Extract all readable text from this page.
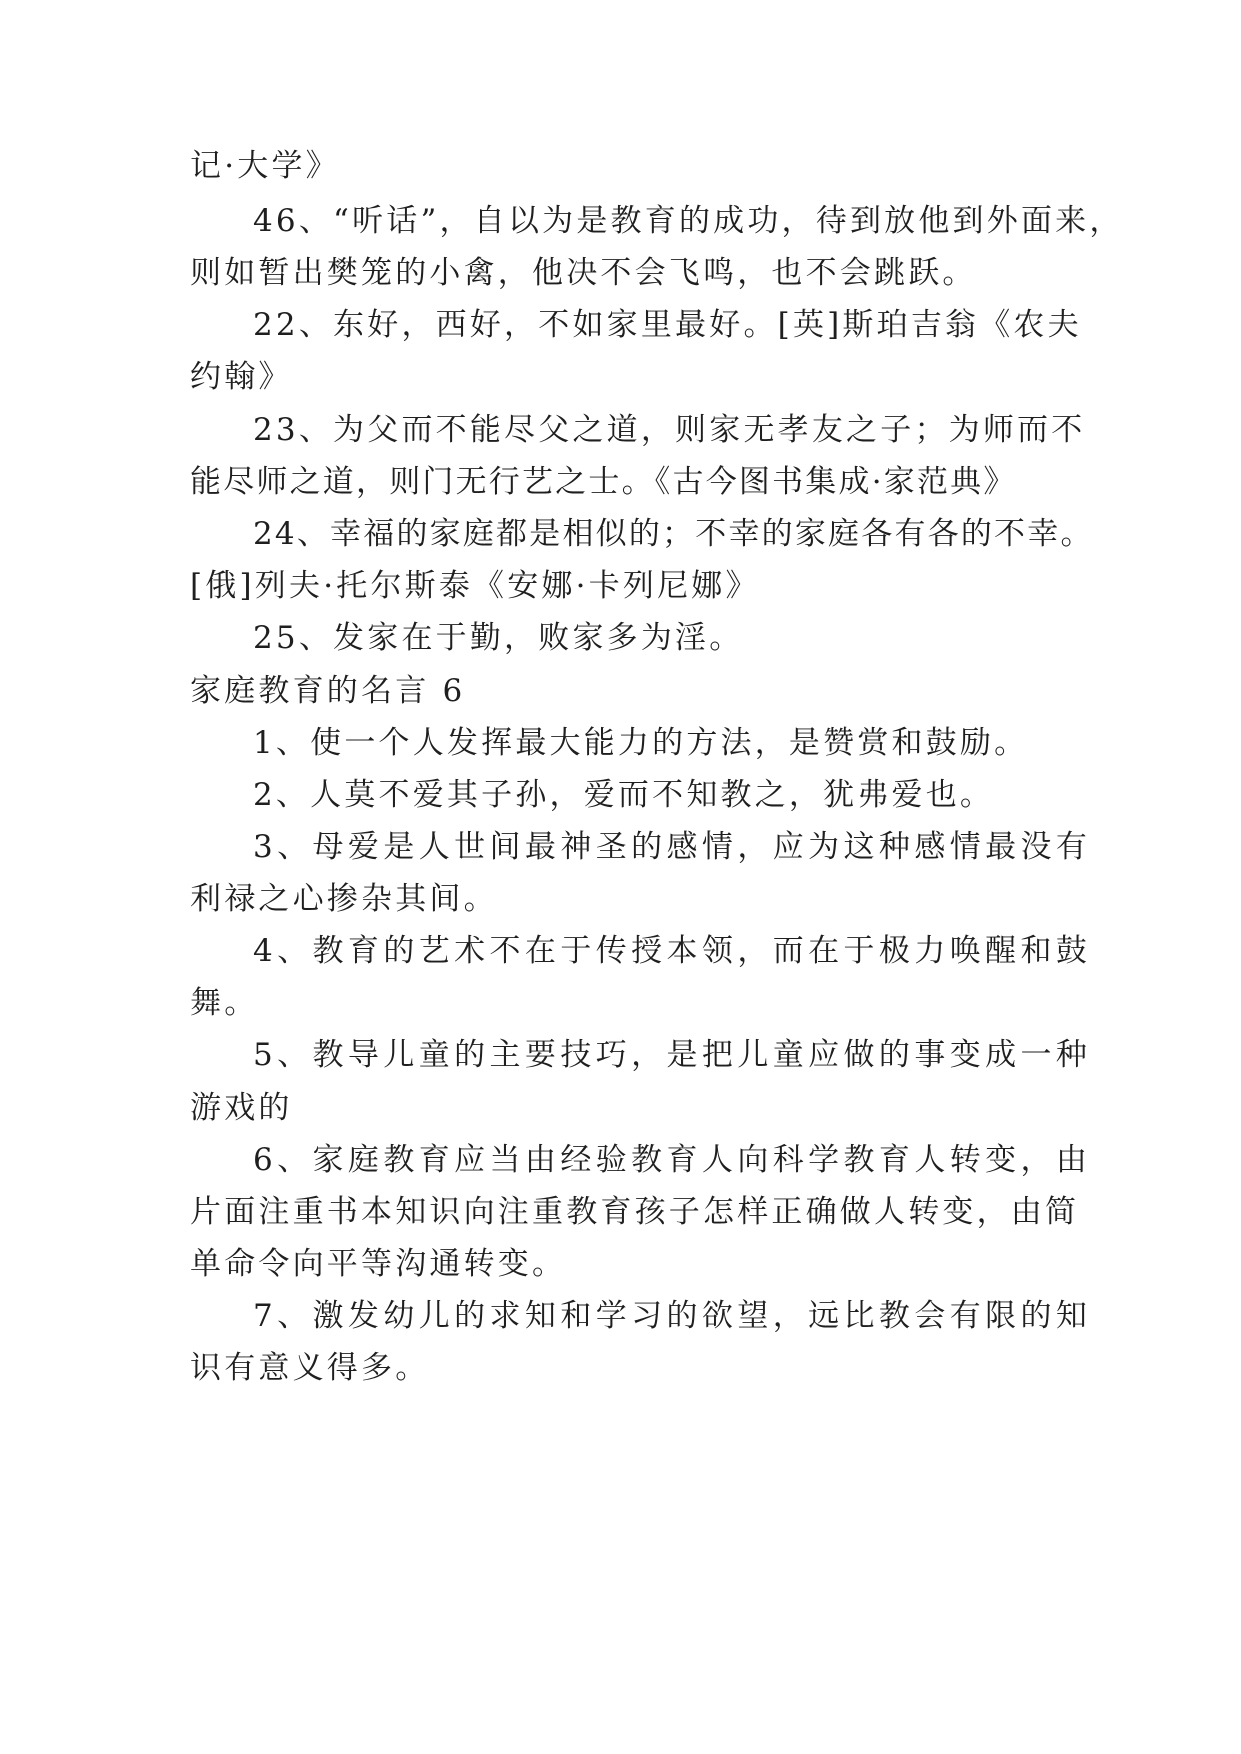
记·大学》
46、“听话”，自以为是教育的成功，待到放他到外面来，
则如暂出樊笼的小禽，他决不会飞鸣，也不会跳跃。
22、东好，西好，不如家里最好。[英]斯珀吉翁《农夫
约翰》
23、为父而不能尽父之道，则家无孝友之子；为师而不
能尽师之道，则门无行艺之士。《古今图书集成·家范典》
24、幸福的家庭都是相似的；不幸的家庭各有各的不幸。
[俄]列夫·托尔斯泰《安娜·卡列尼娜》
25、发家在于勤，败家多为淫。
家庭教育的名言 6
1、使一个人发挥最大能力的方法，是赞赏和鼓励。
2、人莫不爱其子孙，爱而不知教之，犹弗爱也。
3、母爱是人世间最神圣的感情，应为这种感情最没有
利禄之心掺杂其间。
4、教育的艺术不在于传授本领，而在于极力唤醒和鼓
舞。
5、教导儿童的主要技巧，是把儿童应做的事变成一种
游戏的
6、家庭教育应当由经验教育人向科学教育人转变，由
片面注重书本知识向注重教育孩子怎样正确做人转变，由简
单命令向平等沟通转变。
7、激发幼儿的求知和学习的欲望，远比教会有限的知
识有意义得多。
